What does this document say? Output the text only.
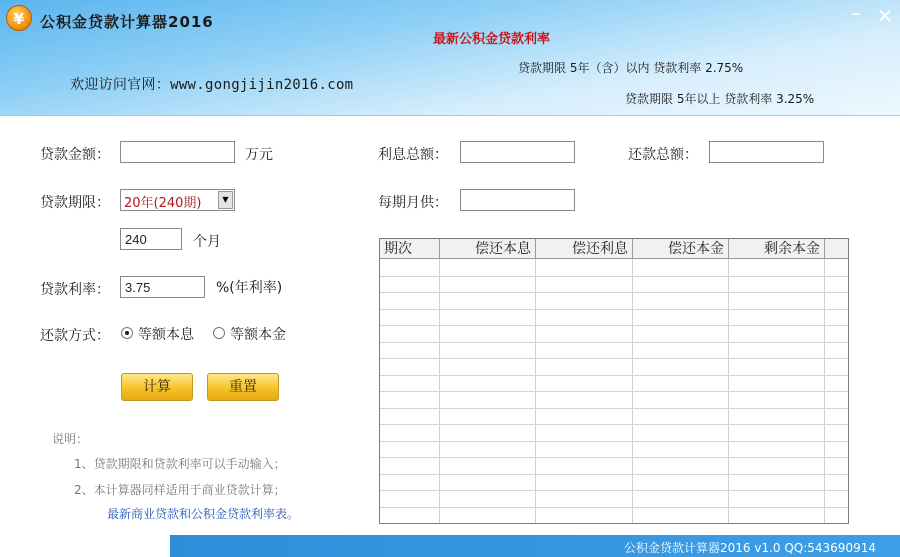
¥	公积金贷款计算器2016	– ✕
最新公积金贷款利率
欢迎访问官网：www.gongjijin2016.com
贷款期限 5年（含）以内 贷款利率 2.75%
贷款期限 5年以上 贷款利率 3.25%
贷款金额：	万元
贷款期限： 20年(240期)	▼
240
个月
贷款利率：
3.75	%(年利率)
还款方式： 等额本息	等额本金
计算	重置
说明：
1、贷款期限和贷款利率可以手动输入；
2、本计算器同样适用于商业贷款计算；
最新商业贷款和公积金贷款利率表。
利息总额：	还款总额：
每期月供：
期次	偿还本息	偿还利息	偿还本金	剩余本金
公积金贷款计算器2016 v1.0 QQ:543690914
